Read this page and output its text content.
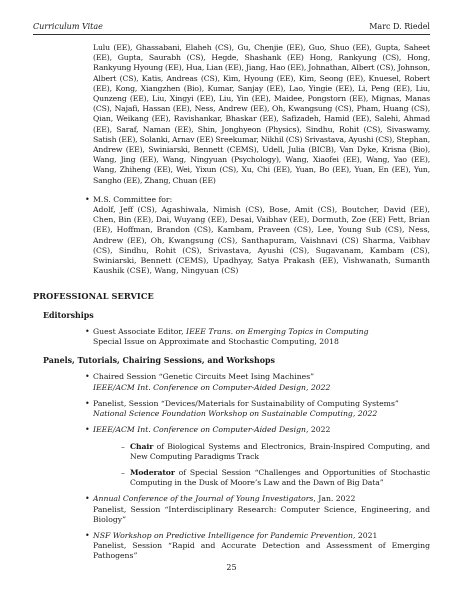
Curriculum Vitae	Marc D. Riedel

Lulu (EE), Ghassabani, Elaheh (CS), Gu, Chenjie (EE), Guo, Shuo (EE), Gupta, Saheet (EE), Gupta, Saurabh (CS), Hegde, Shashank (EE) Hong, Rankyung (CS), Hong, Rankyung Hyoung (EE), Hua, Lian (EE), Jiang, Hao (EE), Johnathan, Albert (CS), Johnson, Albert (CS), Katis, Andreas (CS), Kim, Hyoung (EE), Kim, Seong (EE), Knuesel, Robert (EE), Kong, Xiangzhen (Bio), Kumar, Sanjay (EE), Lao, Yingie (EE), Li, Peng (EE), Liu, Qunzeng (EE), Liu, Xingyi (EE), Liu, Yin (EE), Maidee, Pongstorn (EE), Mignas, Manas (CS), Najafi, Hassan (EE), Ness, Andrew (EE), Oh, Kwangsung (CS), Pham, Huang (CS), Qian, Weikang (EE), Ravishankar, Bhaskar (EE), Safizadeh, Hamid (EE), Salehi, Ahmad (EE), Saraf, Naman (EE), Shin, Jonghyeon (Physics), Sindhu, Rohit (CS), Sivaswamy, Satish (EE), Solanki, Arnav (EE) Sreekumar, Nikhil (CS) Srivastava, Ayushi (CS), Stephan, Andrew (EE), Swiniarski, Bennett (CEMS), Udell, Julia (BICB), Van Dyke, Krisna (Bio), Wang, Jing (EE), Wang, Ningyuan (Psychology), Wang, Xiaofei (EE), Wang, Yao (EE), Wang, Zhiheng (EE), Wei, Yixun (CS), Xu, Chi (EE), Yuan, Bo (EE), Yuan, En (EE), Yun, Sangho (EE), Zhang, Chuan (EE)

• M.S. Committee for:
Adolf, Jeff (CS), Agashiwala, Nimish (CS), Bose, Amit (CS), Boutcher, David (EE), Chen, Bin (EE), Dai, Wuyang (EE), Desai, Vaibhav (EE), Dormuth, Zoe (EE) Fett, Brian (EE), Hoffman, Brandon (CS), Kambam, Praveen (CS), Lee, Young Sub (CS), Ness, Andrew (EE), Oh, Kwangsung (CS), Santhapuram, Vaishnavi (CS) Sharma, Vaibhav (CS), Sindhu, Rohit (CS), Srivastava, Ayushi (CS), Sugavanam, Kambam (CS), Swiniarski, Bennett (CEMS), Upadhyay, Satya Prakash (EE), Vishwanath, Sumanth Kaushik (CSE), Wang, Ningyuan (CS)

PROFESSIONAL SERVICE

Editorships

• Guest Associate Editor, IEEE Trans. on Emerging Topics in Computing
Special Issue on Approximate and Stochastic Computing, 2018

Panels, Tutorials, Chairing Sessions, and Workshops

• Chaired Session “Genetic Circuits Meet Ising Machines”
IEEE/ACM Int. Conference on Computer-Aided Design, 2022

• Panelist, Session “Devices/Materials for Sustainability of Computing Systems”
National Science Foundation Workshop on Sustainable Computing, 2022

• IEEE/ACM Int. Conference on Computer-Aided Design, 2022

– Chair of Biological Systems and Electronics, Brain-Inspired Computing, and New Computing Paradigms Track

– Moderator of Special Session “Challenges and Opportunities of Stochastic Computing in the Dusk of Moore’s Law and the Dawn of Big Data”

• Annual Conference of the Journal of Young Investigators, Jan. 2022
Panelist, Session “Interdisciplinary Research: Computer Science, Engineering, and Biology”

• NSF Workshop on Predictive Intelligence for Pandemic Prevention, 2021
Panelist, Session “Rapid and Accurate Detection and Assessment of Emerging Pathogens”

25
